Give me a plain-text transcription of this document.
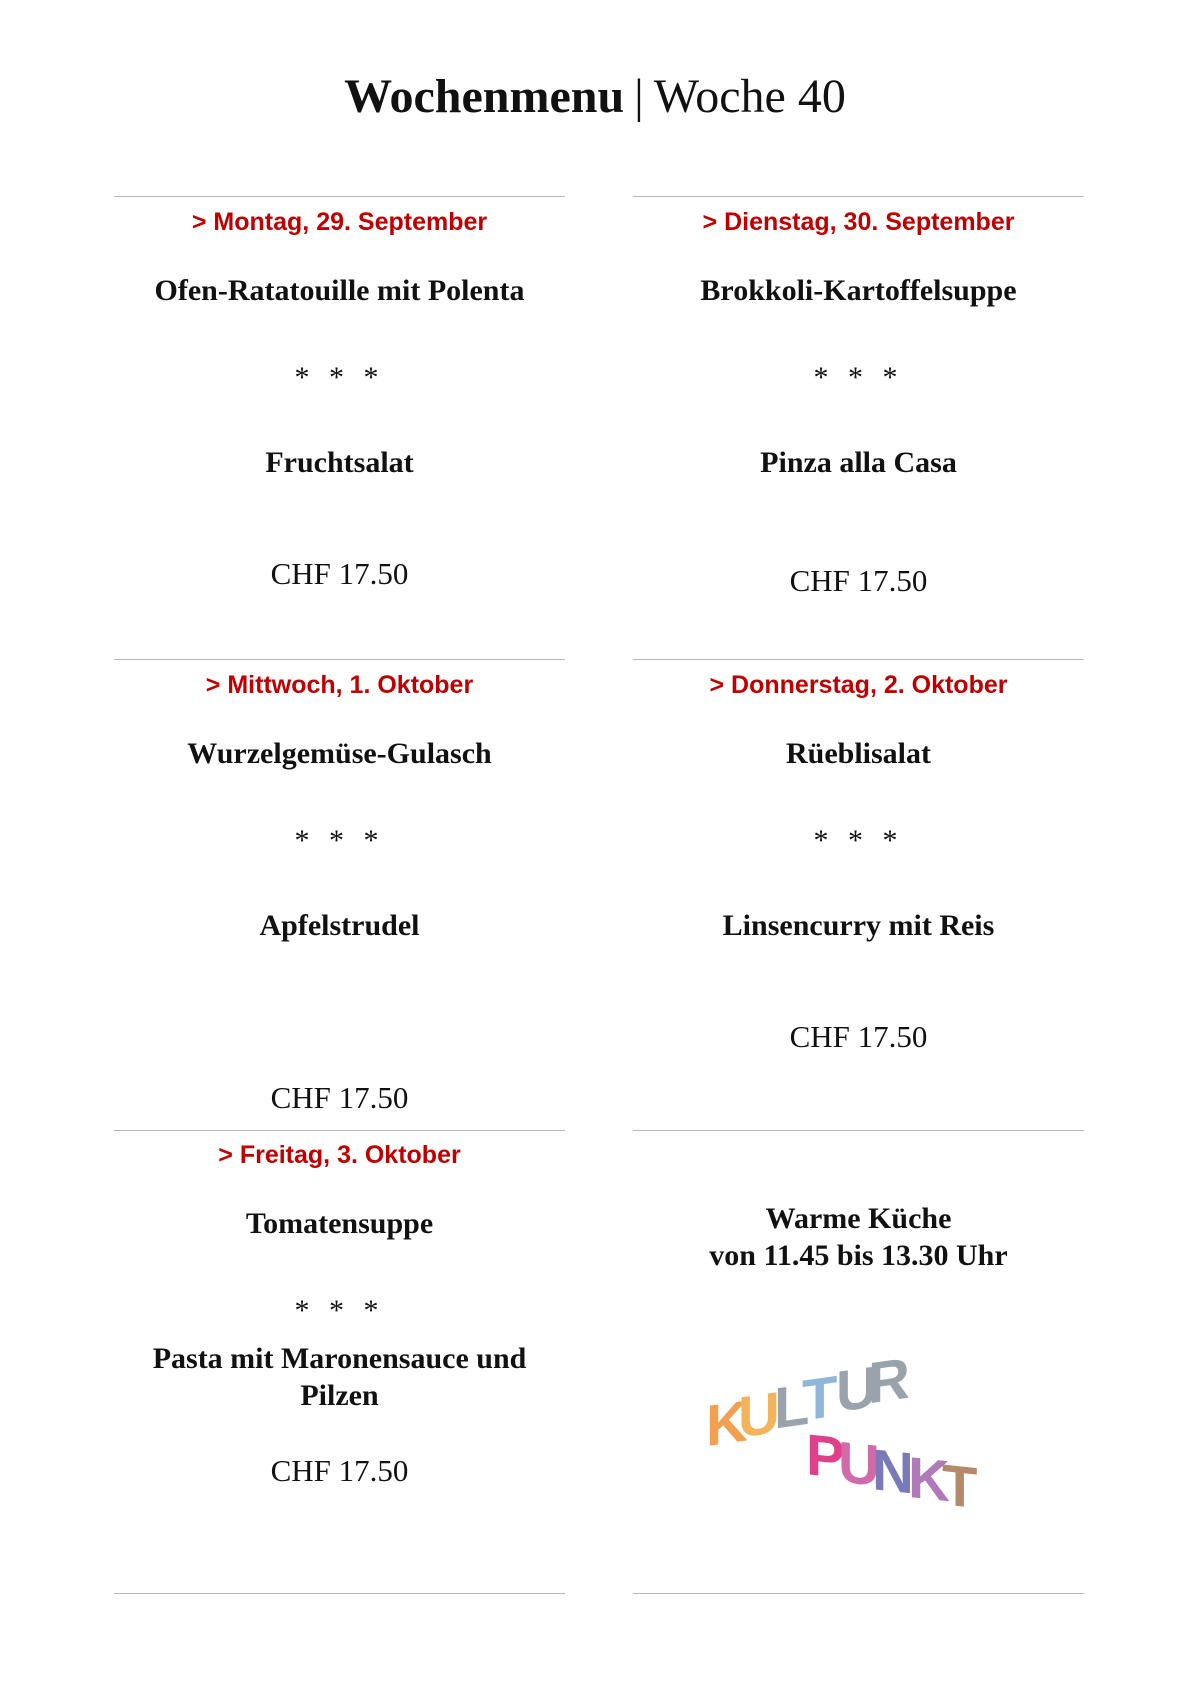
Wochenmenu | Woche 40
> Montag, 29. September
Ofen-Ratatouille mit Polenta
* * *
Fruchtsalat
CHF 17.50
> Dienstag, 30. September
Brokkoli-Kartoffelsuppe
* * *
Pinza alla Casa
CHF 17.50
> Mittwoch, 1. Oktober
Wurzelgemüse-Gulasch
* * *
Apfelstrudel
CHF 17.50
> Donnerstag, 2. Oktober
Rüeblisalat
* * *
Linsencurry mit Reis
CHF 17.50
> Freitag, 3. Oktober
Tomatensuppe
* * *
Pasta mit Maronensauce und
Pilzen
CHF 17.50
Warme Küche
von 11.45 bis 13.30 Uhr
K
U
L
T
U
R
P
U
N
K
T
